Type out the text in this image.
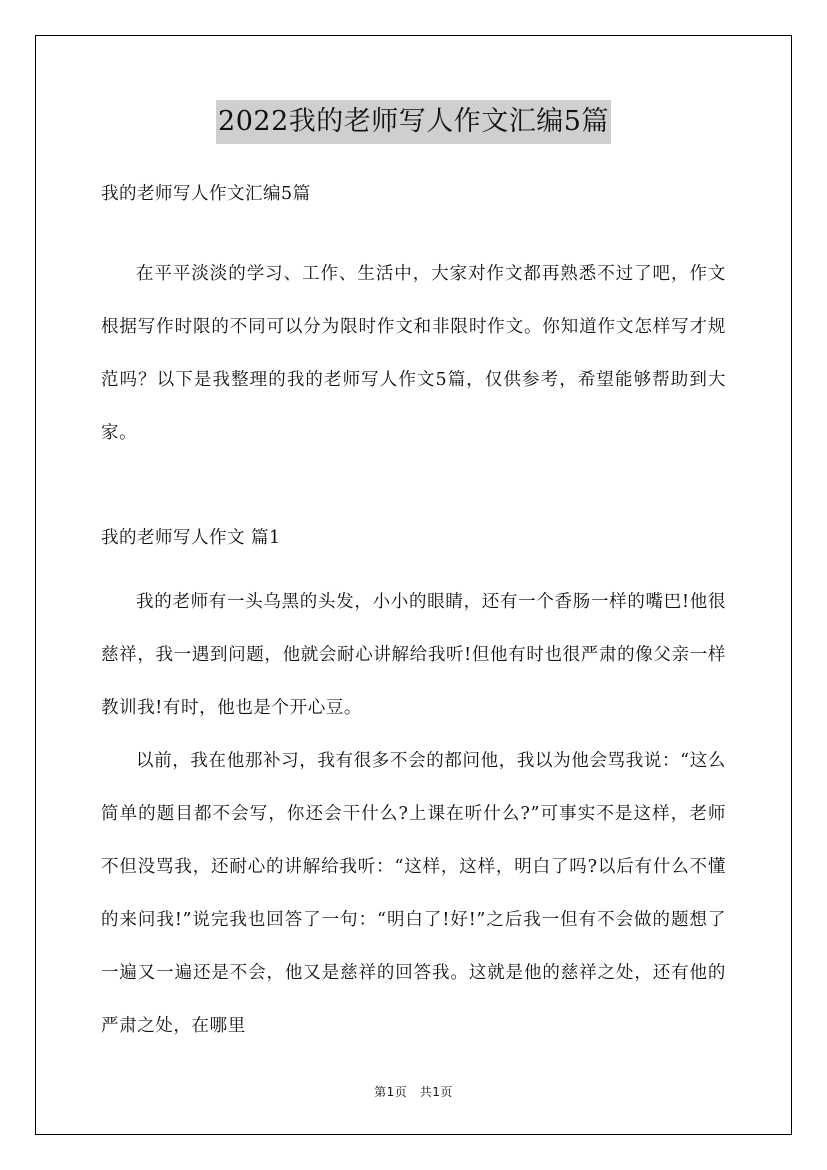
2022我的老师写人作文汇编5篇
我的老师写人作文汇编5篇

在平平淡淡的学习、工作、生活中，大家对作文都再熟悉不过了吧，作文根据写作时限的不同可以分为限时作文和非限时作文。你知道作文怎样写才规范吗？以下是我整理的我的老师写人作文5篇，仅供参考，希望能够帮助到大家。

我的老师写人作文 篇1

我的老师有一头乌黑的头发，小小的眼睛，还有一个香肠一样的嘴巴!他很慈祥，我一遇到问题，他就会耐心讲解给我听!但他有时也很严肃的像父亲一样教训我!有时，他也是个开心豆。

以前，我在他那补习，我有很多不会的都问他，我以为他会骂我说：“这么简单的题目都不会写，你还会干什么?上课在听什么?”可事实不是这样，老师不但没骂我，还耐心的讲解给我听：“这样，这样，明白了吗?以后有什么不懂的来问我!”说完我也回答了一句：“明白了!好!”之后我一但有不会做的题想了一遍又一遍还是不会，他又是慈祥的回答我。这就是他的慈祥之处，还有他的严肃之处，在哪里

第1页　共1页
